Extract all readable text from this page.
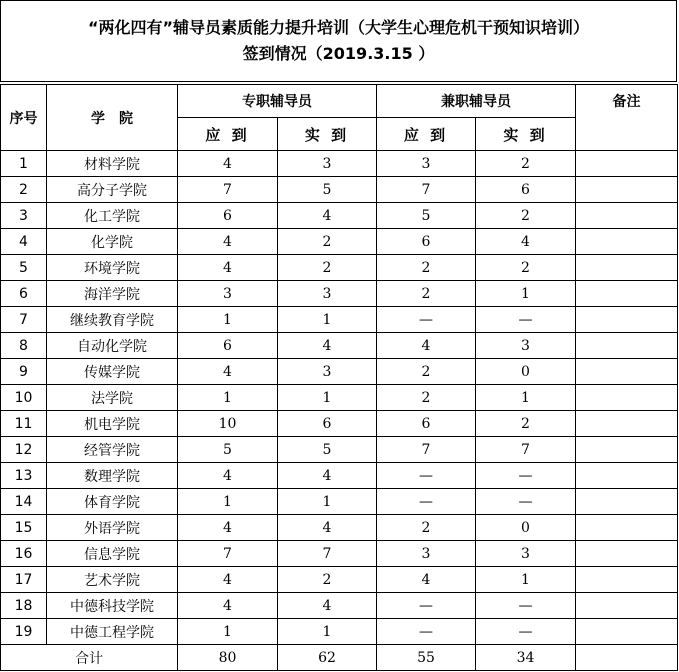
“两化四有”辅导员素质能力提升培训（大学生心理危机干预知识培训）
签到情况（2019.3.15 ）
序号	学　院	专职辅导员		兼职辅导员		备注
		应 到	实 到	应 到	实 到	
1	材料学院	4	3	3	2	
2	高分子学院	7	5	7	6	
3	化工学院	6	4	5	2	
4	化学院	4	2	6	4	
5	环境学院	4	2	2	2	
6	海洋学院	3	3	2	1	
7	继续教育学院	1	1	—	—	
8	自动化学院	6	4	4	3	
9	传媒学院	4	3	2	0	
10	法学院	1	1	2	1	
11	机电学院	10	6	6	2	
12	经管学院	5	5	7	7	
13	数理学院	4	4	—	—	
14	体育学院	1	1	—	—	
15	外语学院	4	4	2	0	
16	信息学院	7	7	3	3	
17	艺术学院	4	2	4	1	
18	中德科技学院	4	4	—	—	
19	中德工程学院	1	1	—	—	
合计		80	62	55	34	
